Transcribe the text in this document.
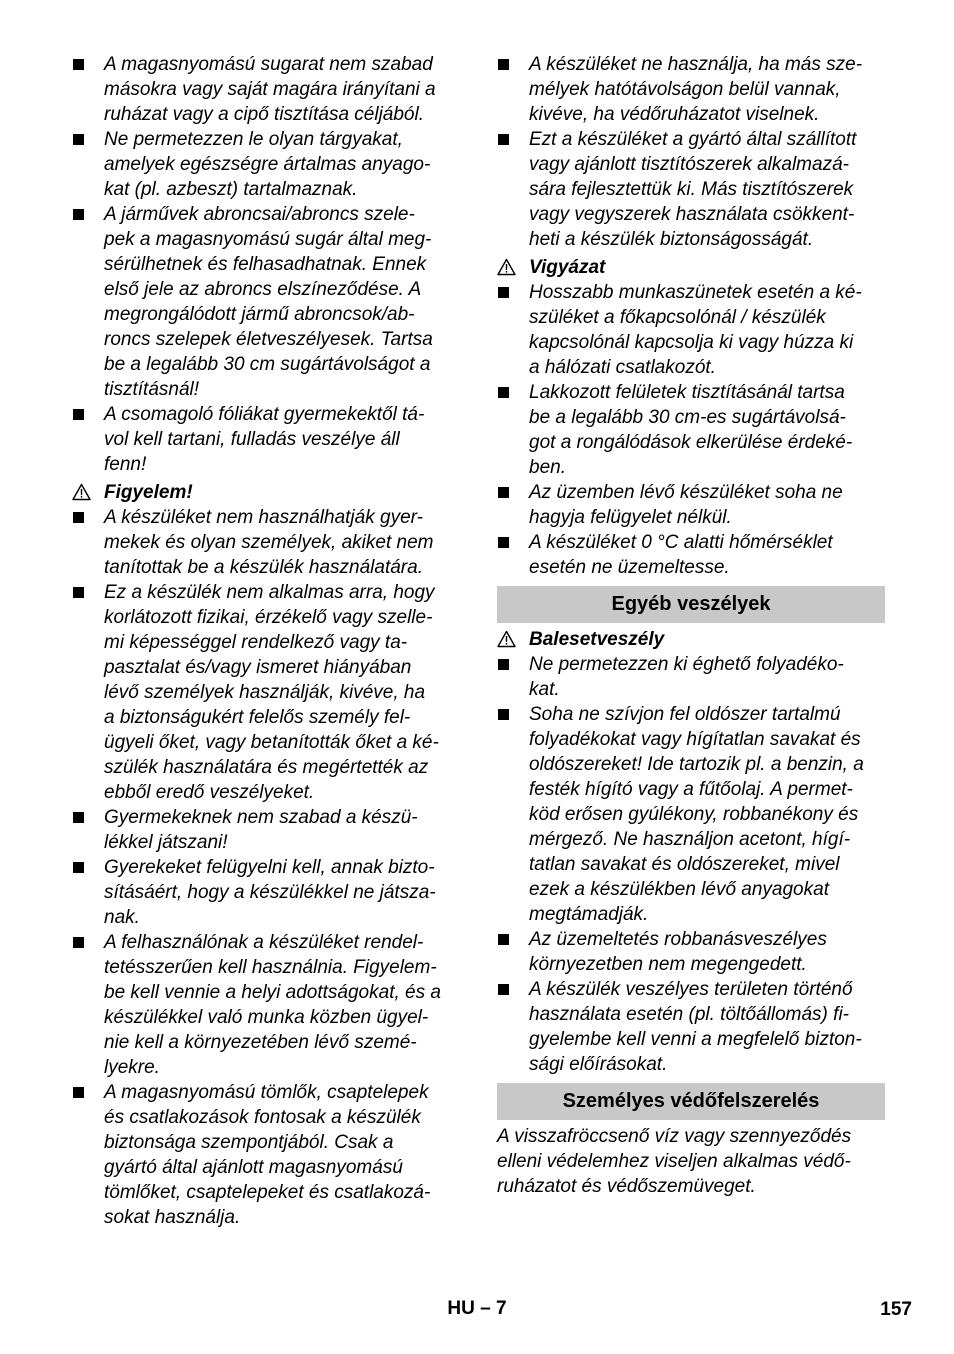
A magasnyomású sugarat nem szabad
másokra vagy saját magára irányítani a
ruházat vagy a cipő tisztítása céljából.
Ne permetezzen le olyan tárgyakat,
amelyek egészségre ártalmas anyago-
kat (pl. azbeszt) tartalmaznak.
A járművek abroncsai/abroncs szele-
pek a magasnyomású sugár által meg-
sérülhetnek és felhasadhatnak. Ennek
első jele az abroncs elszíneződése. A
megrongálódott jármű abroncsok/ab-
roncs szelepek életveszélyesek. Tartsa
be a legalább 30 cm sugártávolságot a
tisztításnál!
A csomagoló fóliákat gyermekektől tá-
vol kell tartani, fulladás veszélye áll
fenn!
Figyelem!
A készüléket nem használhatják gyer-
mekek és olyan személyek, akiket nem
tanítottak be a készülék használatára.
Ez a készülék nem alkalmas arra, hogy
korlátozott fizikai, érzékelő vagy szelle-
mi képességgel rendelkező vagy ta-
pasztalat és/vagy ismeret hiányában
lévő személyek használják, kivéve, ha
a biztonságukért felelős személy fel-
ügyeli őket, vagy betanították őket a ké-
szülék használatára és megértették az
ebből eredő veszélyeket.
Gyermekeknek nem szabad a készü-
lékkel játszani!
Gyerekeket felügyelni kell, annak bizto-
sításáért, hogy a készülékkel ne játsza-
nak.
A felhasználónak a készüléket rendel-
tetésszerűen kell használnia. Figyelem-
be kell vennie a helyi adottságokat, és a
készülékkel való munka közben ügyel-
nie kell a környezetében lévő szemé-
lyekre.
A magasnyomású tömlők, csaptelepek
és csatlakozások fontosak a készülék
biztonsága szempontjából. Csak a
gyártó által ajánlott magasnyomású
tömlőket, csaptelepeket és csatlakozá-
sokat használja.
A készüléket ne használja, ha más sze-
mélyek hatótávolságon belül vannak,
kivéve, ha védőruházatot viselnek.
Ezt a készüléket a gyártó által szállított
vagy ajánlott tisztítószerek alkalmazá-
sára fejlesztettük ki. Más tisztítószerek
vagy vegyszerek használata csökkent-
heti a készülék biztonságosságát.
Vigyázat
Hosszabb munkaszünetek esetén a ké-
szüléket a főkapcsolónál / készülék
kapcsolónál kapcsolja ki vagy húzza ki
a hálózati csatlakozót.
Lakkozott felületek tisztításánál tartsa
be a legalább 30 cm-es sugártávolsá-
got a rongálódások elkerülése érdeké-
ben.
Az üzemben lévő készüléket soha ne
hagyja felügyelet nélkül.
A készüléket 0 °C alatti hőmérséklet
esetén ne üzemeltesse.
Egyéb veszélyek
Balesetveszély
Ne permetezzen ki éghető folyadéko-
kat.
Soha ne szívjon fel oldószer tartalmú
folyadékokat vagy hígítatlan savakat és
oldószereket! Ide tartozik pl. a benzin, a
festék hígító vagy a fűtőolaj. A permet-
köd erősen gyúlékony, robbanékony és
mérgező. Ne használjon acetont, hígí-
tatlan savakat és oldószereket, mivel
ezek a készülékben lévő anyagokat
megtámadják.
Az üzemeltetés robbanásveszélyes
környezetben nem megengedett.
A készülék veszélyes területen történő
használata esetén (pl. töltőállomás) fi-
gyelembe kell venni a megfelelő bizton-
sági előírásokat.
Személyes védőfelszerelés
A visszafröccsenő víz vagy szennyeződés
elleni védelemhez viseljen alkalmas védő-
ruházatot és védőszemüveget.
HU – 7	157
